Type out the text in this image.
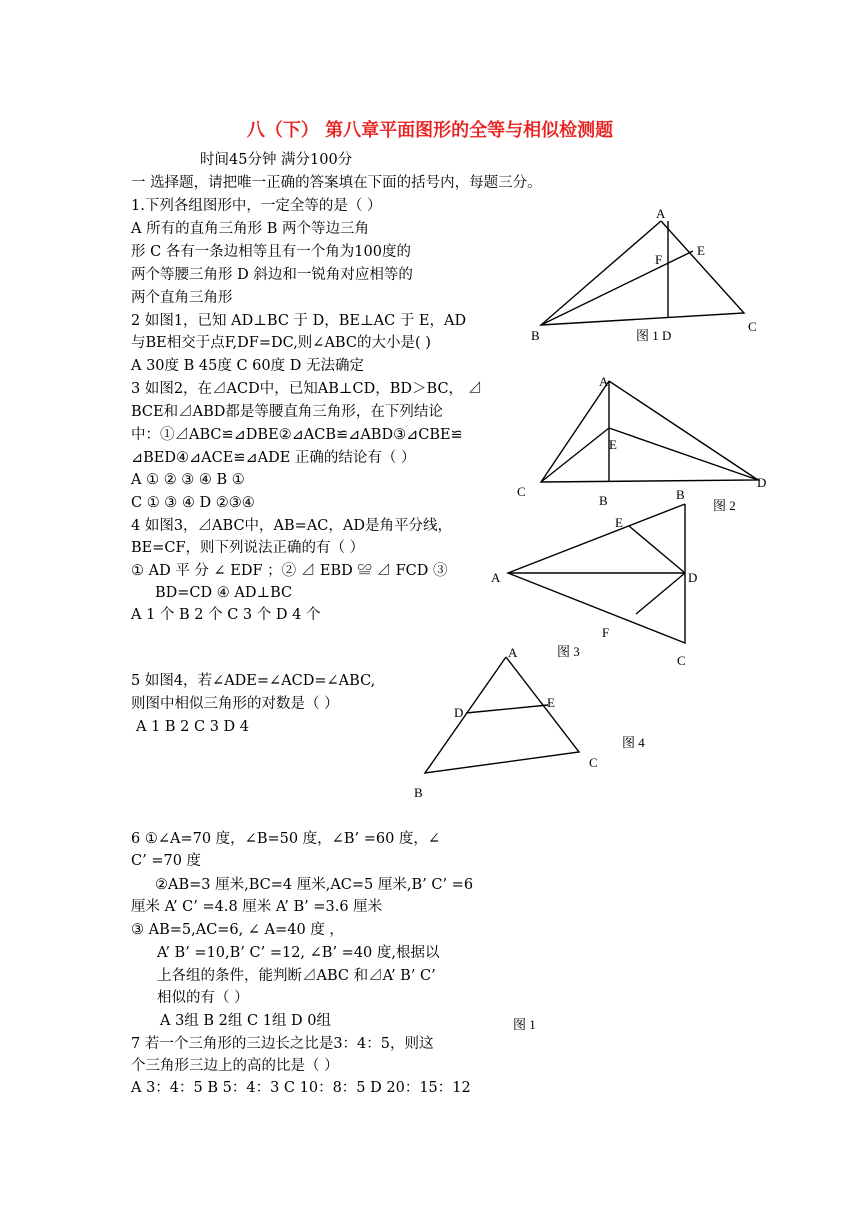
八（下） 第八章平面图形的全等与相似检测题
时间45分钟 满分100分
一 选择题，请把唯一正确的答案填在下面的括号内，每题三分。
1.下列各组图形中，一定全等的是（ ）
A 所有的直角三角形 B 两个等边三角
形 C 各有一条边相等且有一个角为100度的
两个等腰三角形 D 斜边和一锐角对应相等的
两个直角三角形
2 如图1，已知 AD⊥BC 于 D，BE⊥AC 于 E，AD
与BE相交于点F,DF=DC,则∠ABC的大小是( )
A 30度 B 45度 C 60度 D 无法确定
3 如图2，在⊿ACD中，已知AB⊥CD，BD＞BC， ⊿
BCE和⊿ABD都是等腰直角三角形，在下列结论
中：①⊿ABC≌⊿DBE②⊿ACB≌⊿ABD③⊿CBE≌
⊿BED④⊿ACE≌⊿ADE 正确的结论有（ ）
A ① ② ③ ④ B ①
C ① ③ ④ D ②③④
4 如图3，⊿ABC中，AB=AC，AD是角平分线，
BE=CF，则下列说法正确的有（ ）
① AD 平 分 ∠ EDF ；② ⊿ EBD ≌ ⊿ FCD ③
BD=CD ④ AD⊥BC
A 1 个 B 2 个 C 3 个 D 4 个
5 如图4，若∠ADE=∠ACD=∠ABC,
则图中相似三角形的对数是（ ）
A 1 B 2 C 3 D 4
6 ①∠A=70 度，∠B=50 度，∠B’ =60 度，∠
C’ =70 度
②AB=3 厘米,BC=4 厘米,AC=5 厘米,B’ C’ =6
厘米 A’ C’ =4.8 厘米 A’ B’ =3.6 厘米
③ AB=5,AC=6, ∠ A=40 度 ，
A’ B’ =10,B’ C’ =12, ∠B’ =40 度,根据以
上各组的条件，能判断⊿ABC 和⊿A’ B’ C’
相似的有（ ）
A 3组 B 2组 C 1组 D 0组
7 若一个三角形的三边长之比是3：4：5，则这
个三角形三边上的高的比是（ ）
A 3：4：5 B 5：4：3 C 10：8：5 D 20：15：12
A
E
F
B
C
图 1 D
A
E
C
B
D
图 2
B
E
A	D
F
图 3
C
A
D
E
图 4
C
B
图 1
